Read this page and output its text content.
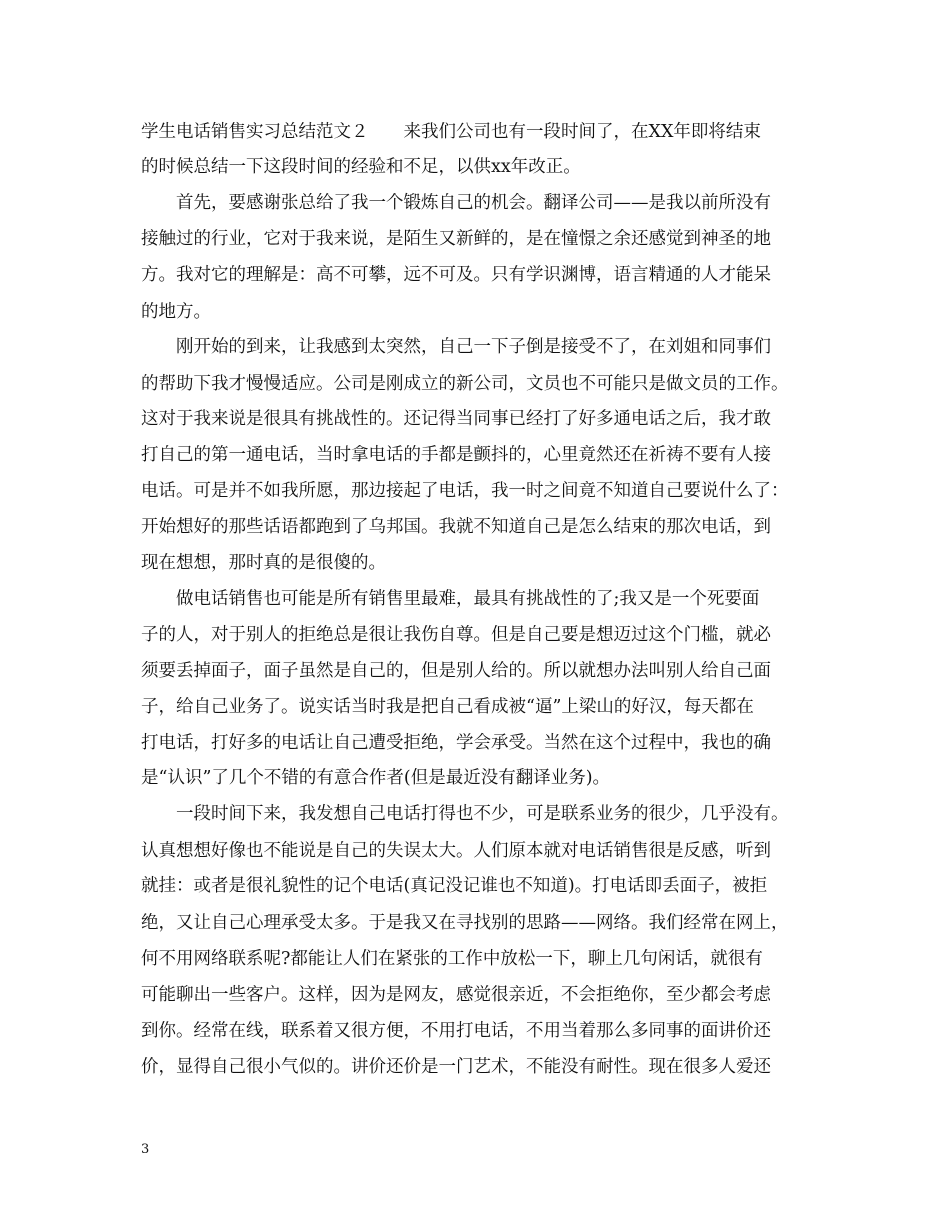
学生电话销售实习总结范文２　　来我们公司也有一段时间了，在XX年即将结束
的时候总结一下这段时间的经验和不足，以供xx年改正。
　　首先，要感谢张总给了我一个锻炼自己的机会。翻译公司——是我以前所没有
接触过的行业，它对于我来说，是陌生又新鲜的，是在憧憬之余还感觉到神圣的地
方。我对它的理解是：高不可攀，远不可及。只有学识渊博，语言精通的人才能呆
的地方。
　　刚开始的到来，让我感到太突然，自己一下子倒是接受不了，在刘姐和同事们
的帮助下我才慢慢适应。公司是刚成立的新公司，文员也不可能只是做文员的工作。
这对于我来说是很具有挑战性的。还记得当同事已经打了好多通电话之后，我才敢
打自己的第一通电话，当时拿电话的手都是颤抖的，心里竟然还在祈祷不要有人接
电话。可是并不如我所愿，那边接起了电话，我一时之间竟不知道自己要说什么了：
开始想好的那些话语都跑到了乌邦国。我就不知道自己是怎么结束的那次电话，到
现在想想，那时真的是很傻的。
　　做电话销售也可能是所有销售里最难，最具有挑战性的了;我又是一个死要面
子的人，对于别人的拒绝总是很让我伤自尊。但是自己要是想迈过这个门槛，就必
须要丢掉面子，面子虽然是自己的，但是别人给的。所以就想办法叫别人给自己面
子，给自己业务了。说实话当时我是把自己看成被“逼”上梁山的好汉，每天都在
打电话，打好多的电话让自己遭受拒绝，学会承受。当然在这个过程中，我也的确
是“认识”了几个不错的有意合作者(但是最近没有翻译业务)。
　　一段时间下来，我发想自己电话打得也不少，可是联系业务的很少，几乎没有。
认真想想好像也不能说是自己的失误太大。人们原本就对电话销售很是反感，听到
就挂：或者是很礼貌性的记个电话(真记没记谁也不知道)。打电话即丢面子，被拒
绝，又让自己心理承受太多。于是我又在寻找别的思路——网络。我们经常在网上，
何不用网络联系呢?都能让人们在紧张的工作中放松一下，聊上几句闲话，就很有
可能聊出一些客户。这样，因为是网友，感觉很亲近，不会拒绝你，至少都会考虑
到你。经常在线，联系着又很方便，不用打电话，不用当着那么多同事的面讲价还
价，显得自己很小气似的。讲价还价是一门艺术，不能没有耐性。现在很多人爱还
3
